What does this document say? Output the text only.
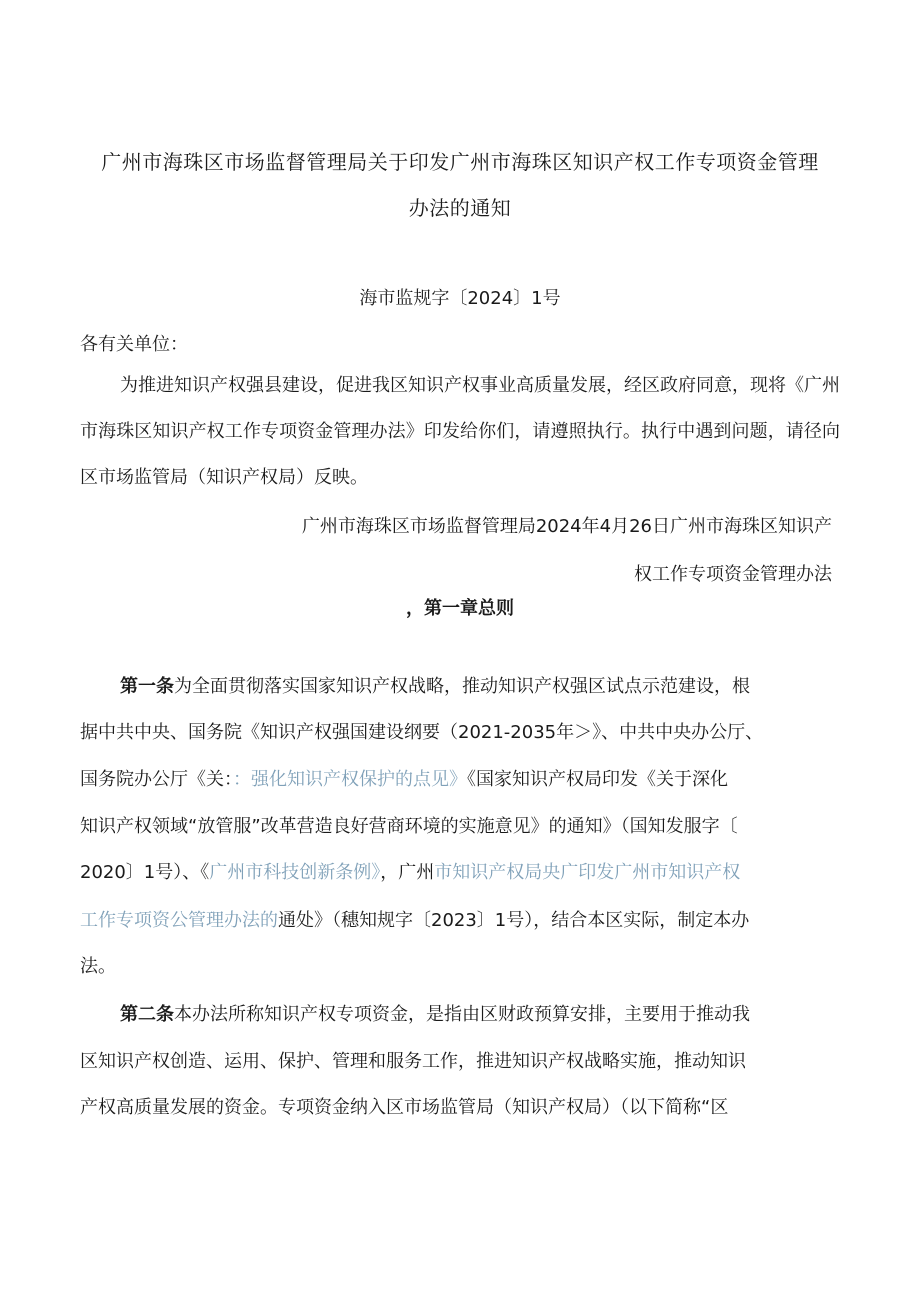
广州市海珠区市场监督管理局关于印发广州市海珠区知识产权工作专项资金管理
办法的通知
海市监规字〔2024〕1号
各有关单位：

为推进知识产权强县建设，促进我区知识产权事业高质量发展，经区政府同意，现将《广州市海珠区知识产权工作专项资金管理办法》印发给你们，请遵照执行。执行中遇到问题，请径向区市场监管局（知识产权局）反映。

广州市海珠区市场监督管理局2024年4月26日广州市海珠区知识产
权工作专项资金管理办法
，第一章总则
第一条为全面贯彻落实国家知识产权战略，推动知识产权强区试点示范建设，根
据中共中央、国务院《知识产权强国建设纲要（2021-2035年＞》、中共中央办公厅、
国务院办公厅《关：：强化知识产权保护的点见》《国家知识产权局印发《关于深化
知识产权领域“放管服”改革营造良好营商环境的实施意见》的通知》（国知发服字〔
2020〕1号）、《广州市科技创新条例》，广州市知识产权局央广印发广州市知识产权
工作专项资公管理办法的通处》（穗知规字〔2023〕1号），结合本区实际，制定本办
法。
第二条本办法所称知识产权专项资金，是指由区财政预算安排，主要用于推动我
区知识产权创造、运用、保护、管理和服务工作，推进知识产权战略实施，推动知识
产权高质量发展的资金。专项资金纳入区市场监管局（知识产权局）（以下简称“区
